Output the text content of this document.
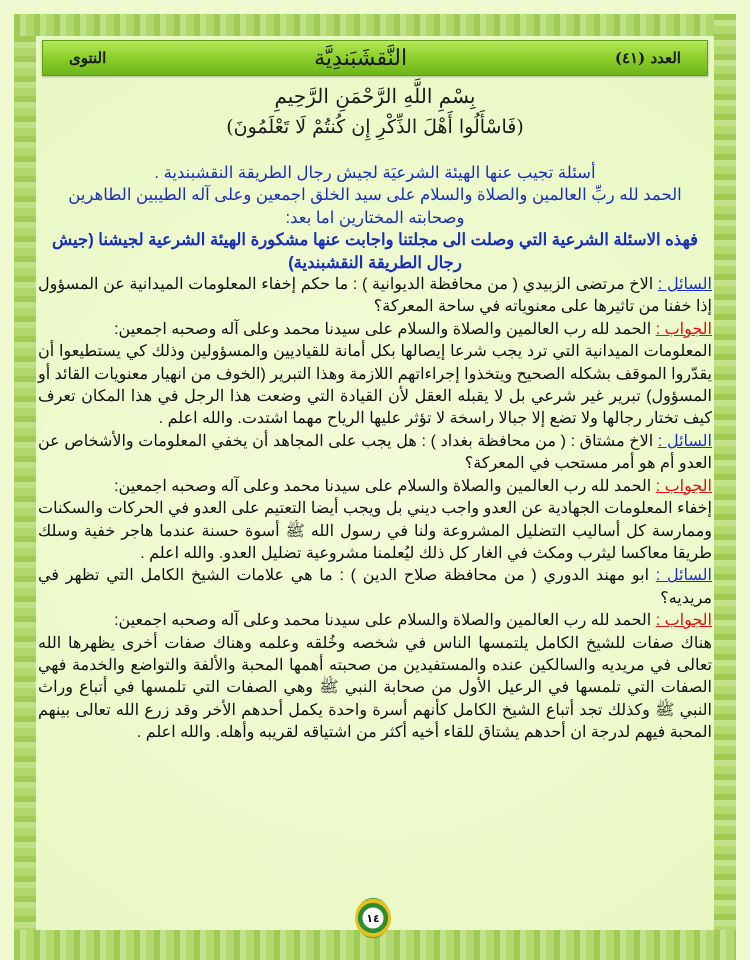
النتوى	النَّقشَبَندِيَّة	العدد (٤١)
بِسْمِ اللَّهِ الرَّحْمَنِ الرَّحِيمِ
(فَاسْأَلُوا أَهْلَ الذِّكْرِ إِن كُنتُمْ لَا تَعْلَمُونَ)

أسئلة تجيب عنها الهيئة الشرعيَة لجيش رجال الطريقة النقشبندية .

الحمد لله ربِّ العالمين والصلاة والسلام على سيد الخلق اجمعين وعلى آله الطيبين الطاهرين وصحابته المختارين اما بعد:

فهذه الاسئلة الشرعية التي وصلت الى مجلتنا واجابت عنها مشكورة الهيئة الشرعية لجيشنا (جيش رجال الطريقة النقشبندية)

السائل : الاخ مرتضى الزبيدي ( من محافظة الديوانية ) : ما حكم إخفاء المعلومات الميدانية عن المسؤول إذا خفنا من تاثيرها على معنوياته في ساحة المعركة؟

الجواب : الحمد لله رب العالمين والصلاة والسلام على سيدنا محمد وعلى آله وصحبه اجمعين:

المعلومات الميدانية التي ترد يجب شرعا إيصالها بكل أمانة للقياديين والمسؤولين وذلك كي يستطيعوا أن يقدّروا الموقف بشكله الصحيح ويتخذوا إجراءاتهم اللازمة وهذا التبرير (الخوف من انهيار معنويات القائد أو المسؤول) تبرير غير شرعي بل لا يقبله العقل لأن القيادة التي وضعت هذا الرجل في هذا المكان تعرف كيف تختار رجالها ولا تضع إلا جبالا راسخة لا تؤثر عليها الرياح مهما اشتدت. والله اعلم .

السائل : الاخ مشتاق : ( من محافظة بغداد ) : هل يجب على المجاهد أن يخفي المعلومات والأشخاص عن العدو أم هو أمر مستحب في المعركة؟

الجواب : الحمد لله رب العالمين والصلاة والسلام على سيدنا محمد وعلى آله وصحبه اجمعين:

إخفاء المعلومات الجهادية عن العدو واجب ديني بل ويجب أيضا التعتيم على العدو في الحركات والسكنات وممارسة كل أساليب التضليل المشروعة ولنا في رسول الله ﷺ أسوة حسنة عندما هاجر خفية وسلك طريقا معاكسا ليثرب ومكث في الغار كل ذلك ليُعلمنا مشروعية تضليل العدو. والله اعلم .

السائل : ابو مهند الدوري ( من محافظة صلاح الدين ) : ما هي علامات الشيخ الكامل التي تظهر في مريديه؟

الجواب : الحمد لله رب العالمين والصلاة والسلام على سيدنا محمد وعلى آله وصحبه اجمعين:

هناك صفات للشيخ الكامل يلتمسها الناس في شخصه وخُلقه وعلمه وهناك صفات أخرى يظهرها الله تعالى في مريديه والسالكين عنده والمستفيدين من صحبته أهمها المحبة والألفة والتواضع والخدمة فهي الصفات التي تلمسها في الرعيل الأول من صحابة النبي ﷺ وهي الصفات التي تلمسها في أتباع وراث النبي ﷺ وكذلك تجد أتباع الشيخ الكامل كأنهم أسرة واحدة يكمل أحدهم الأخر وقد زرع الله تعالى بينهم المحبة فيهم لدرجة ان أحدهم يشتاق للقاء أخيه أكثر من اشتياقه لقريبه وأهله. والله اعلم .

١٤
